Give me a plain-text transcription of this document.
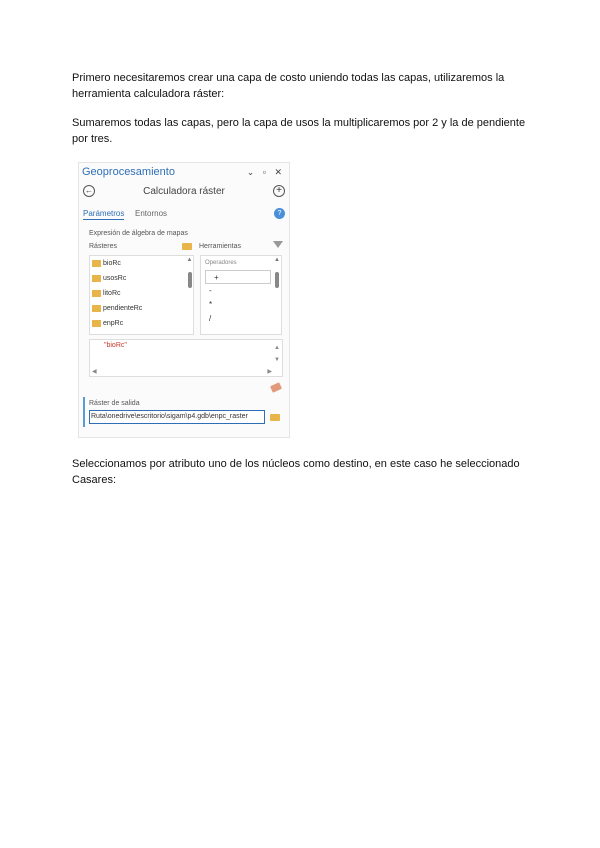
Primero necesitaremos crear una capa de costo uniendo todas las capas, utilizaremos la herramienta calculadora ráster:
Sumaremos todas las capas, pero la capa de usos la multiplicaremos por 2 y la de pendiente por tres.
Geoprocesamiento	⌄ ▫ ✕
←	Calculadora ráster	+
Parámetros Entornos	?
Expresión de álgebra de mapas
Rásteres	Herramientas
bioRc
usosRc
litoRc
pendienteRc
enpRc
▲	Operadores
+
-
*
/
▲
"bioRc"	▲
▼
◀	▶
Ráster de salida
Ruta\onedrive\escritorio\sigam\p4.gdb\enpc_raster
Seleccionamos por atributo uno de los núcleos como destino, en este caso he seleccionado Casares:
